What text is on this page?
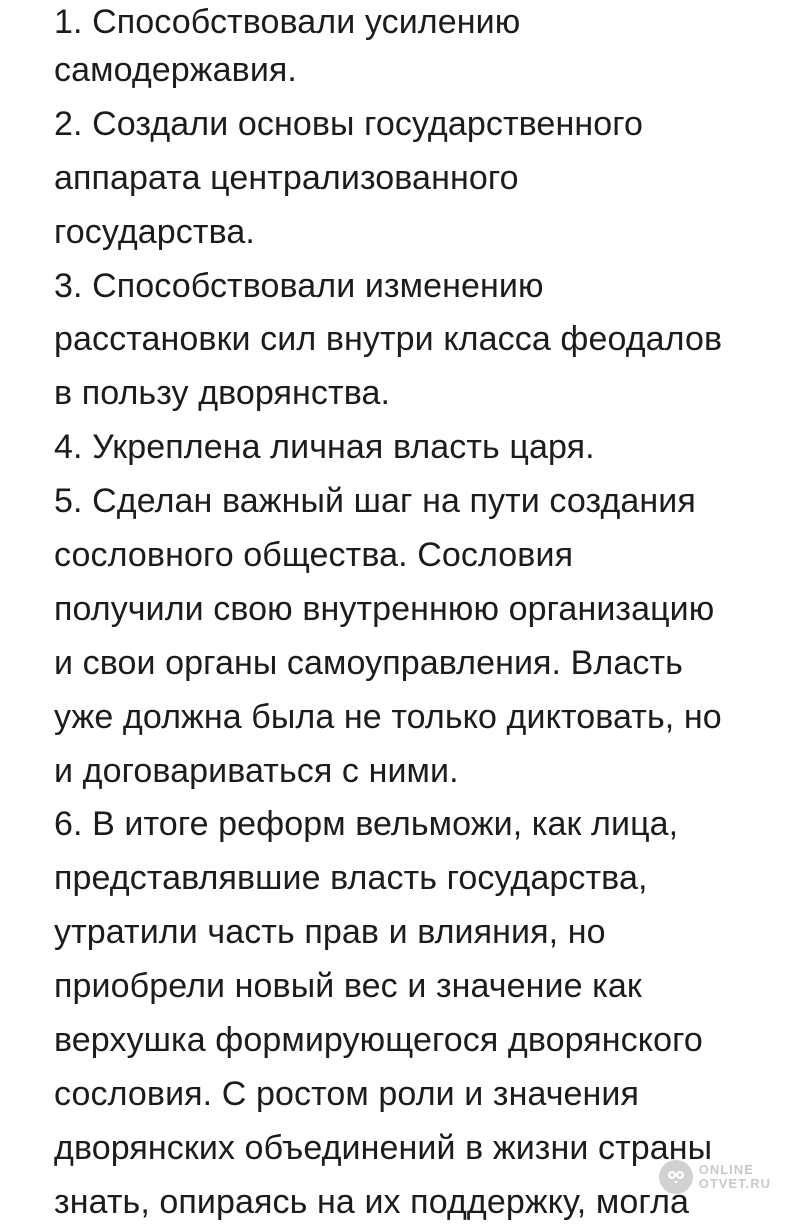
1. Способствовали усилению
самодержавия.
2. Создали основы государственного
аппарата централизованного
государства.
3. Способствовали изменению
расстановки сил внутри класса феодалов
в пользу дворянства.
4. Укреплена личная власть царя.
5. Сделан важный шаг на пути создания
сословного общества. Сословия
получили свою внутреннюю организацию
и свои органы самоуправления. Власть
уже должна была не только диктовать, но
и договариваться с ними.
6. В итоге реформ вельможи, как лица,
представлявшие власть государства,
утратили часть прав и влияния, но
приобрели новый вес и значение как
верхушка формирующегося дворянского
сословия. С ростом роли и значения
дворянских объединений в жизни страны
знать, опираясь на их поддержку, могла
ONLINE
OTVET.RU
